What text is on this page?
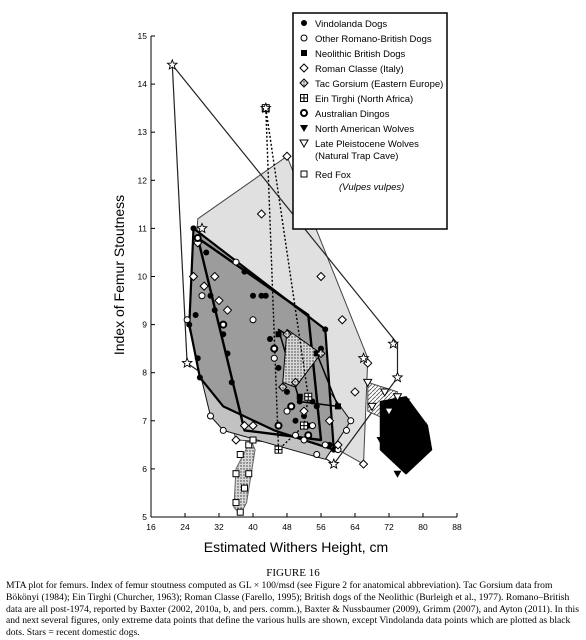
5
6
7
8
9
10
11
12
13
14
15
16	24	32	40	48	56	64	72	80	88
Index of Femur Stoutness
Estimated Withers Height, cm
Vindolanda Dogs
Other Romano-British Dogs
Neolithic British Dogs
Roman Classe (Italy)
Tac Gorsium (Eastern Europe)
Ein Tirghi (North Africa)
Australian Dingos
North American Wolves
Late Pleistocene Wolves
(Natural Trap Cave)
Red Fox
(Vulpes vulpes)
FIGURE 16
MTA plot for femurs. Index of femur stoutness computed as GL × 100/msd (see Figure 2 for anatomical abbreviation). Tac Gorsium data from Bökönyi (1984); Ein Tirghi (Churcher, 1963); Roman Classe (Farello, 1995); British dogs of the Neolithic (Burleigh et al., 1977). Romano–British data are all post-1974, reported by Baxter (2002, 2010a, b, and pers. comm.), Baxter & Nussbaumer (2009), Grimm (2007), and Ayton (2011). In this and next several figures, only extreme data points that define the various hulls are shown, except Vindolanda data points which are plotted as black dots. Stars = recent domestic dogs.
